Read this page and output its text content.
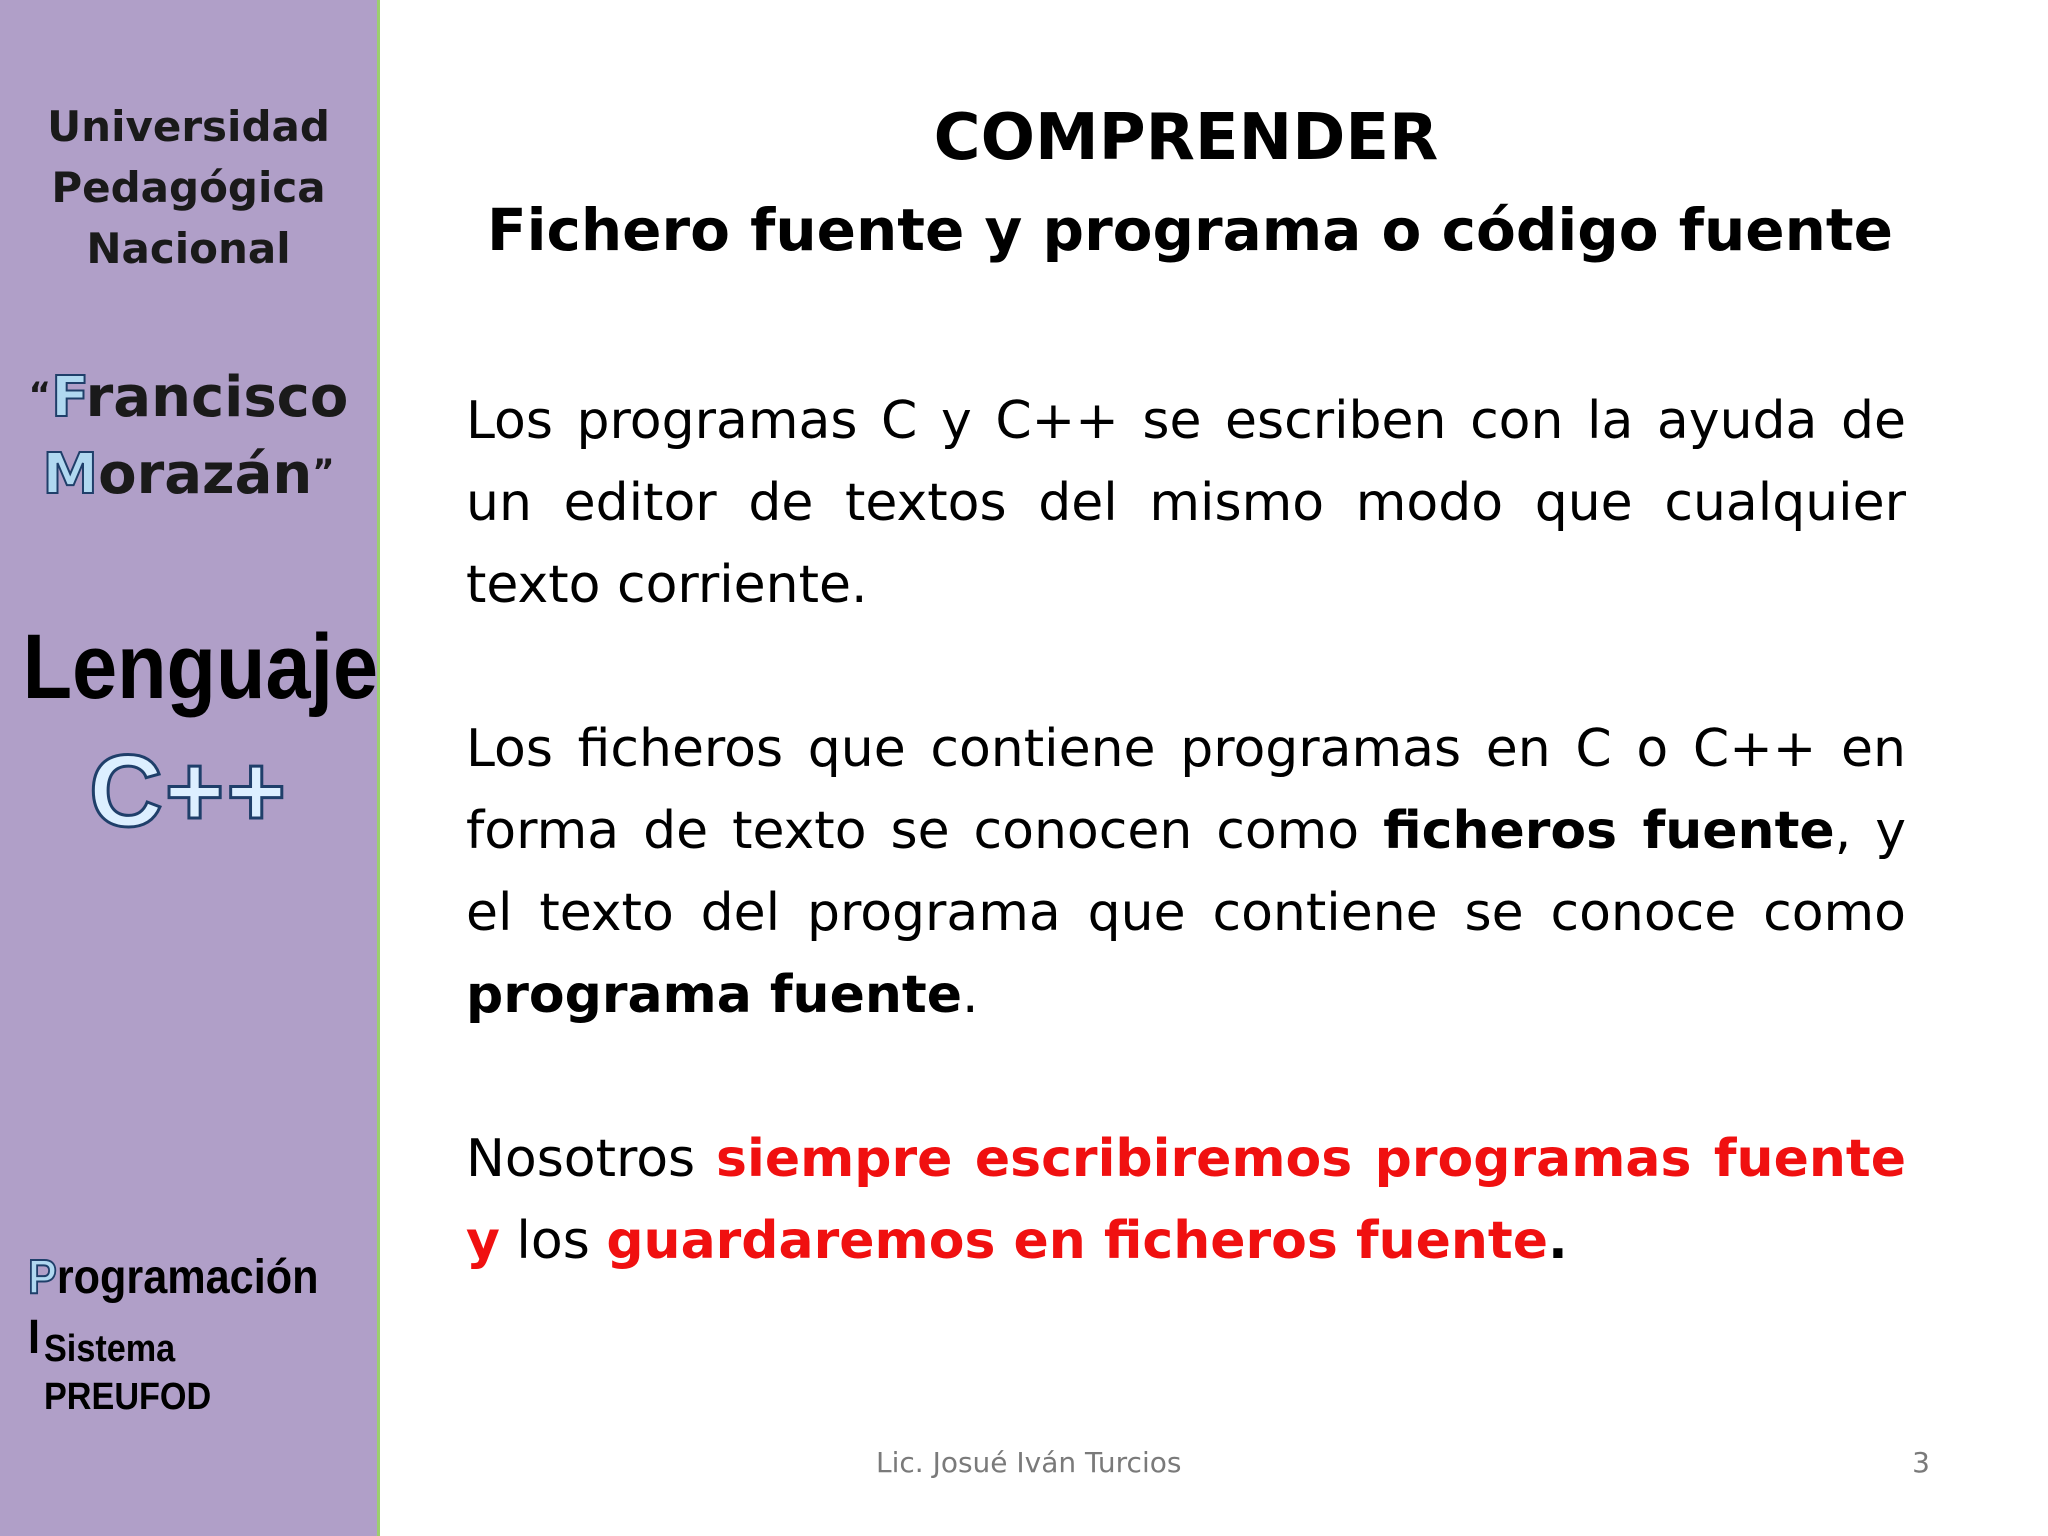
Universidad
Pedagógica
Nacional
“Francisco
Morazán”
Lenguaje
C++
Programación I Sistema PREUFOD
COMPRENDER
Fichero fuente y programa o código fuente
Los programas C y C++ se escriben con la ayuda de un editor de textos del mismo modo que cualquier texto corriente.
Los ficheros que contiene programas en C o C++ en forma de texto se conocen como ficheros fuente, y el texto del programa que contiene se conoce como programa fuente.
Nosotros siempre escribiremos programas fuente y los guardaremos en ficheros fuente.
Lic. Josué Iván Turcios	3
